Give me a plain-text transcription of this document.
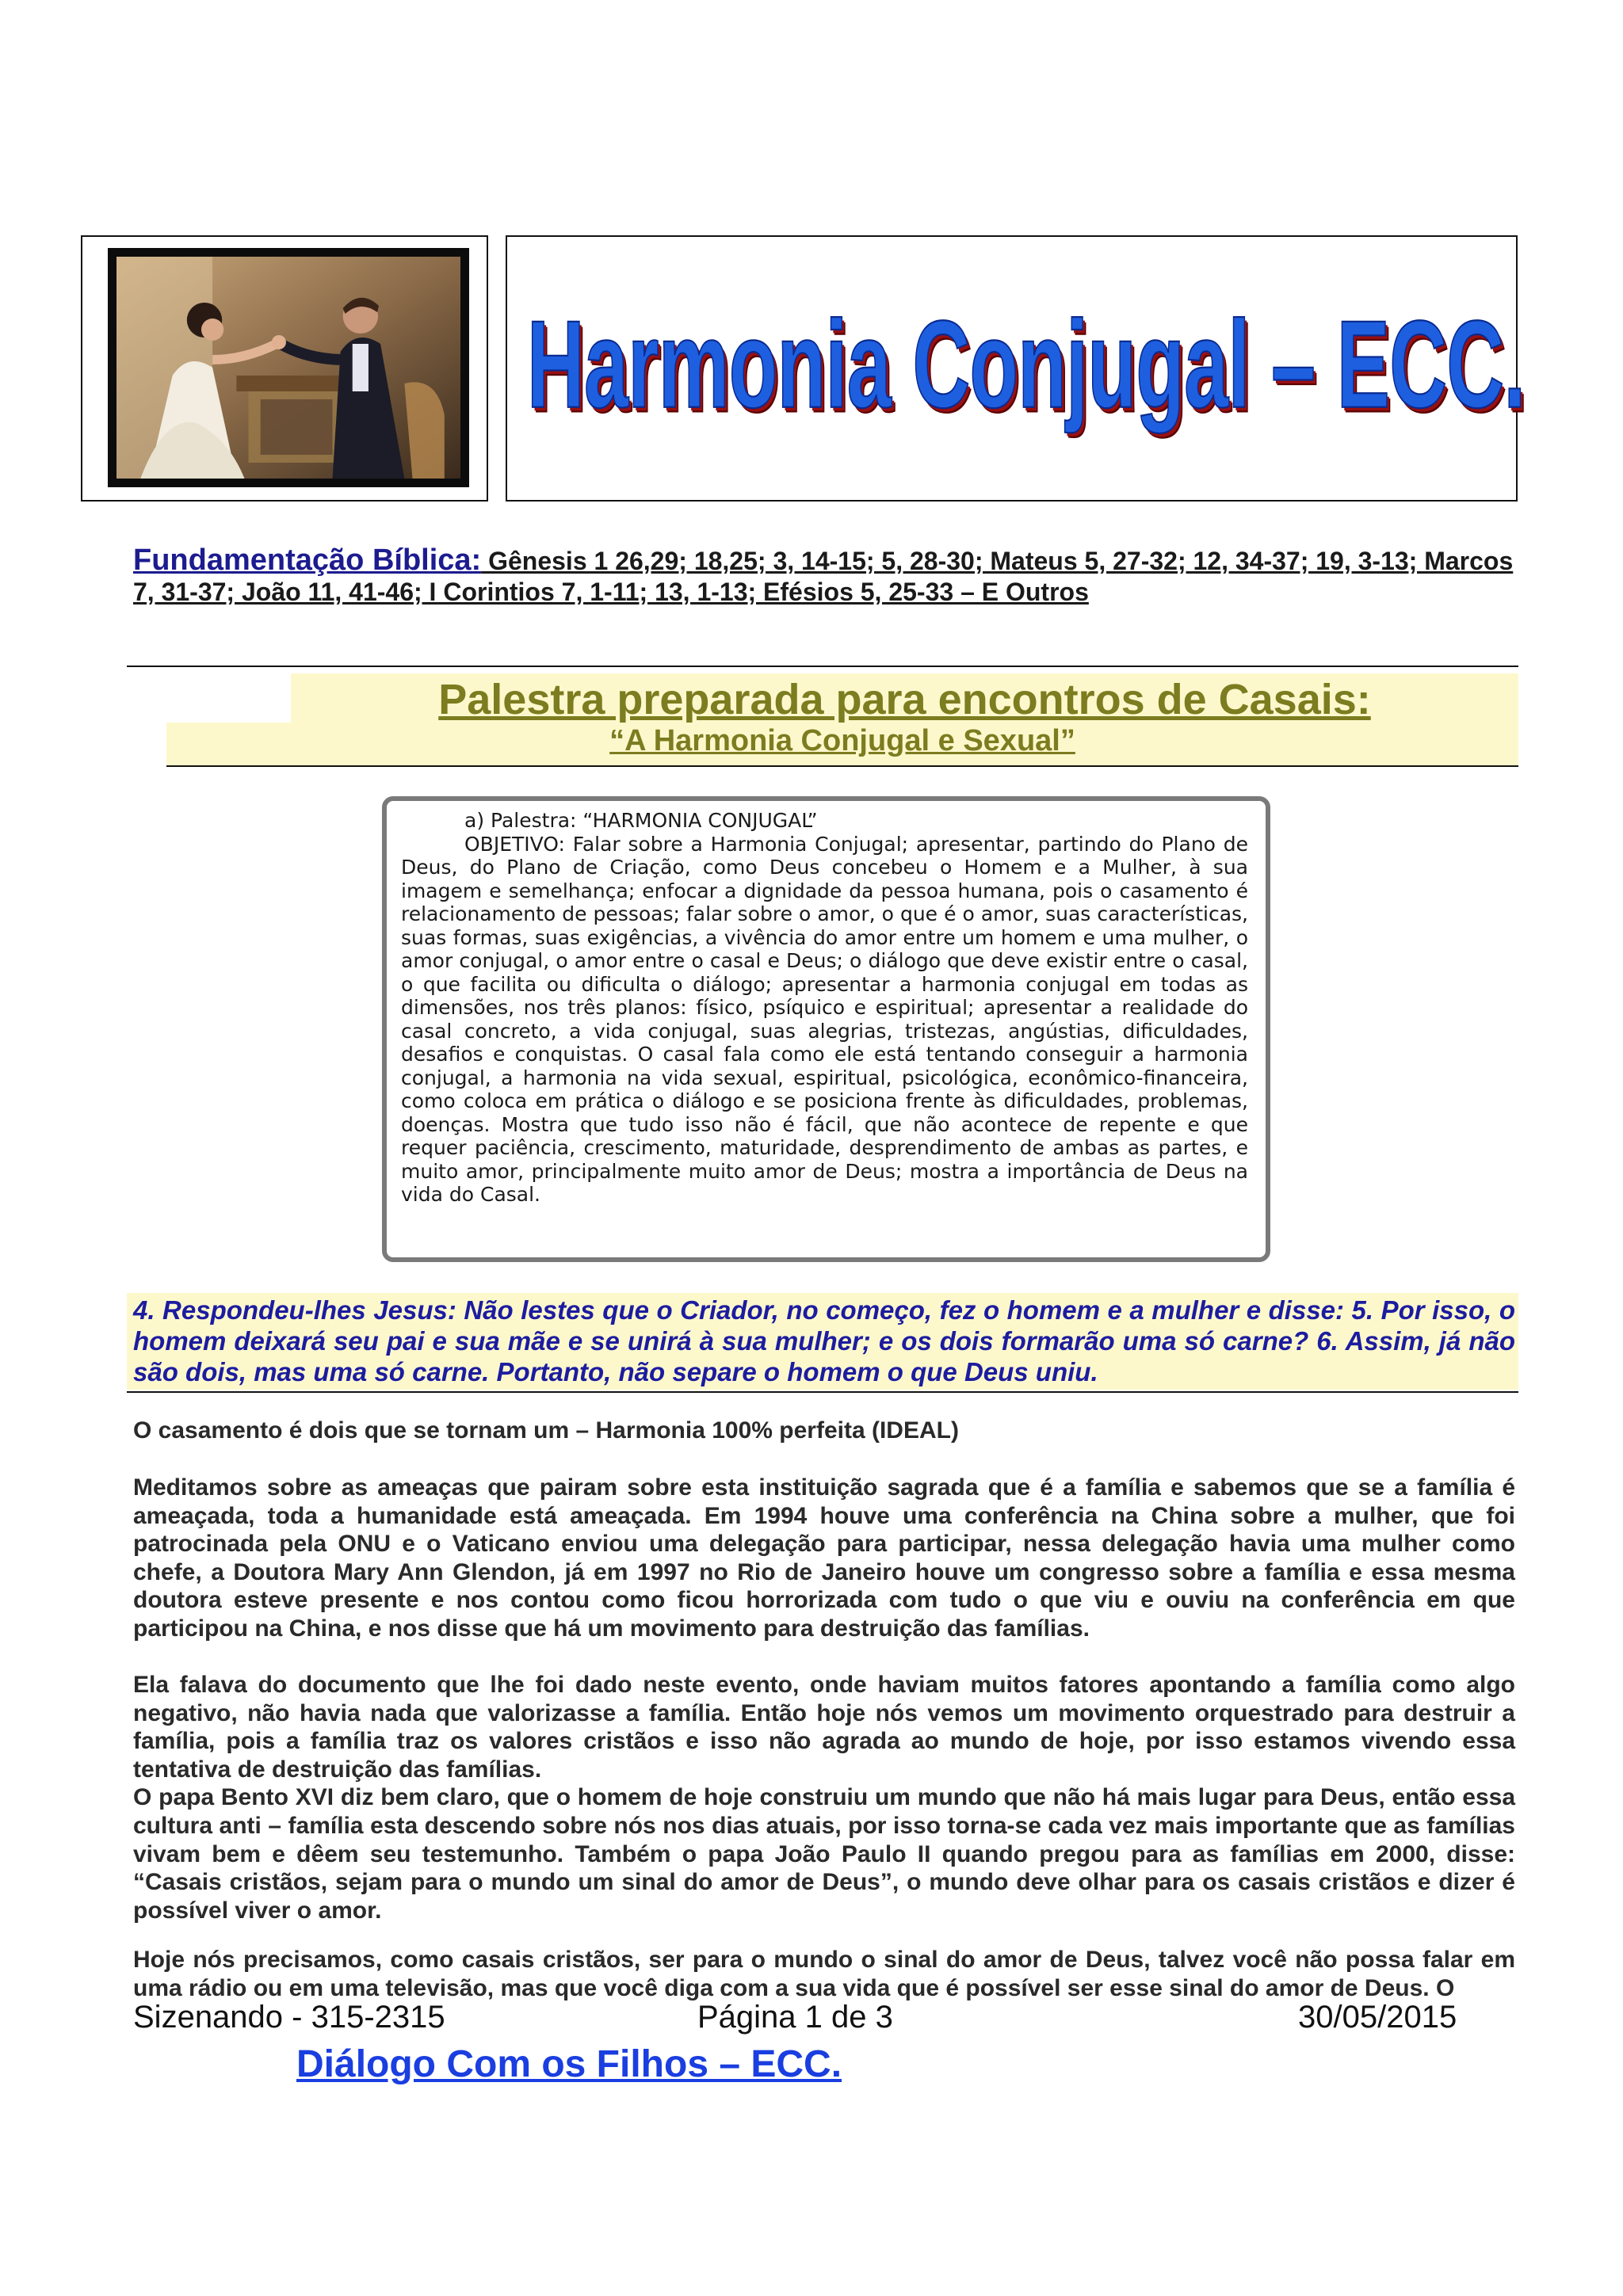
Harmonia Conjugal – ECC.
Fundamentação Bíblica: Gênesis 1 26,29; 18,25; 3, 14-15; 5, 28-30; Mateus 5, 27-32; 12, 34-37; 19, 3-13; Marcos 7, 31-37; João 11, 41-46; I Corintios 7, 1-11; 13, 1-13; Efésios 5, 25-33 – E Outros
Palestra preparada para encontros de Casais:
“A Harmonia Conjugal e Sexual”

a) Palestra: “HARMONIA CONJUGAL”

OBJETIVO: Falar sobre a Harmonia Conjugal; apresentar, partindo do Plano de Deus, do Plano de Criação, como Deus concebeu o Homem e a Mulher, à sua imagem e semelhança; enfocar a dignidade da pessoa humana, pois o casamento é relacionamento de pessoas; falar sobre o amor, o que é o amor, suas características, suas formas, suas exigências, a vivência do amor entre um homem e uma mulher, o amor conjugal, o amor entre o casal e Deus; o diálogo que deve existir entre o casal, o que facilita ou dificulta o diálogo; apresentar a harmonia conjugal em todas as dimensões, nos três planos: físico, psíquico e espiritual; apresentar a realidade do casal concreto, a vida conjugal, suas alegrias, tristezas, angústias, dificuldades, desafios e conquistas. O casal fala como ele está tentando conseguir a harmonia conjugal, a harmonia na vida sexual, espiritual, psicológica, econômico-financeira, como coloca em prática o diálogo e se posiciona frente às dificuldades, problemas, doenças. Mostra que tudo isso não é fácil, que não acontece de repente e que requer paciência, crescimento, maturidade, desprendimento de ambas as partes, e muito amor, principalmente muito amor de Deus; mostra a importância de Deus na vida do Casal.

4. Respondeu-lhes Jesus: Não lestes que o Criador, no começo, fez o homem e a mulher e disse: 5. Por isso, o homem deixará seu pai e sua mãe e se unirá à sua mulher; e os dois formarão uma só carne? 6. Assim, já não são dois, mas uma só carne. Portanto, não separe o homem o que Deus uniu.

O casamento é dois que se tornam um – Harmonia 100% perfeita (IDEAL)

Meditamos sobre as ameaças que pairam sobre esta instituição sagrada que é a família e sabemos que se a família é ameaçada, toda a humanidade está ameaçada. Em 1994 houve uma conferência na China sobre a mulher, que foi patrocinada pela ONU e o Vaticano enviou uma delegação para participar, nessa delegação havia uma mulher como chefe, a Doutora Mary Ann Glendon, já em 1997 no Rio de Janeiro houve um congresso sobre a família e essa mesma doutora esteve presente e nos contou como ficou horrorizada com tudo o que viu e ouviu na conferência em que participou na China, e nos disse que há um movimento para destruição das famílias.

Ela falava do documento que lhe foi dado neste evento, onde haviam muitos fatores apontando a família como algo negativo, não havia nada que valorizasse a família. Então hoje nós vemos um movimento orquestrado para destruir a família, pois a família traz os valores cristãos e isso não agrada ao mundo de hoje, por isso estamos vivendo essa tentativa de destruição das famílias.

O papa Bento XVI diz bem claro, que o homem de hoje construiu um mundo que não há mais lugar para Deus, então essa cultura anti – família esta descendo sobre nós nos dias atuais, por isso torna-se cada vez mais importante que as famílias vivam bem e dêem seu testemunho. Também o papa João Paulo II quando pregou para as famílias em 2000, disse: “Casais cristãos, sejam para o mundo um sinal do amor de Deus”, o mundo deve olhar para os casais cristãos e dizer é possível viver o amor.

Hoje nós precisamos, como casais cristãos, ser para o mundo o sinal do amor de Deus, talvez você não possa falar em uma rádio ou em uma televisão, mas que você diga com a sua vida que é possível ser esse sinal do amor de Deus. O

Sizenando - 315-2315	Página 1 de 3	30/05/2015
Diálogo Com os Filhos – ECC.
